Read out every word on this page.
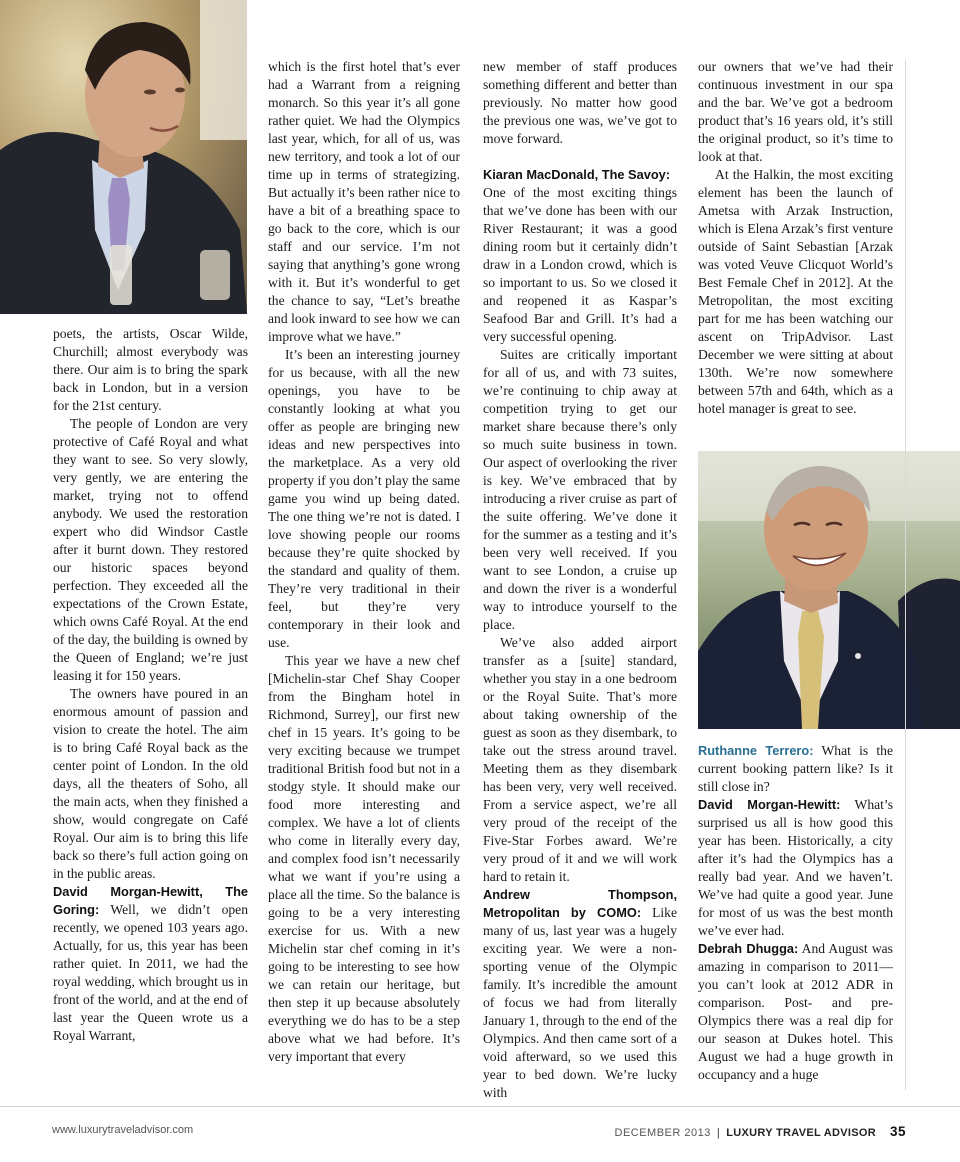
poets, the artists, Oscar Wilde, Churchill; almost everybody was there. Our aim is to bring the spark back in London, but in a version for the 21st century.

The people of London are very protective of Café Royal and what they want to see. So very slowly, very gently, we are entering the market, trying not to offend anybody. We used the restoration expert who did Windsor Castle after it burnt down. They restored our historic spaces beyond perfection. They exceeded all the expectations of the Crown Estate, which owns Café Royal. At the end of the day, the building is owned by the Queen of England; we’re just leasing it for 150 years.

The owners have poured in an enormous amount of passion and vision to create the hotel. The aim is to bring Café Royal back as the center point of London. In the old days, all the theaters of Soho, all the main acts, when they finished a show, would congregate on Café Royal. Our aim is to bring this life back so there’s full action going on in the public areas.

David Morgan-Hewitt, The Goring: Well, we didn’t open recently, we opened 103 years ago. Actually, for us, this year has been rather quiet. In 2011, we had the royal wedding, which brought us in front of the world, and at the end of last year the Queen wrote us a Royal Warrant,

which is the first hotel that’s ever had a Warrant from a reigning monarch. So this year it’s all gone rather quiet. We had the Olympics last year, which, for all of us, was new territory, and took a lot of our time up in terms of strategizing. But actually it’s been rather nice to have a bit of a breathing space to go back to the core, which is our staff and our service. I’m not saying that anything’s gone wrong with it. But it’s wonderful to get the chance to say, “Let’s breathe and look inward to see how we can improve what we have.”

It’s been an interesting journey for us because, with all the new openings, you have to be constantly looking at what you offer as people are bringing new ideas and new perspectives into the marketplace. As a very old property if you don’t play the same game you wind up being dated. The one thing we’re not is dated. I love showing people our rooms because they’re quite shocked by the standard and quality of them. They’re very traditional in their feel, but they’re very contemporary in their look and use.

This year we have a new chef [Michelin-star Chef Shay Cooper from the Bingham hotel in Richmond, Surrey], our first new chef in 15 years. It’s going to be very exciting because we trumpet traditional British food but not in a stodgy style. It should make our food more interesting and complex. We have a lot of clients who come in literally every day, and complex food isn’t necessarily what we want if you’re using a place all the time. So the balance is going to be a very interesting exercise for us. With a new Michelin star chef coming in it’s going to be interesting to see how we can retain our heritage, but then step it up because absolutely everything we do has to be a step above what we had before. It’s very important that every

new member of staff produces something different and better than previously. No matter how good the previous one was, we’ve got to move forward.

Kiaran MacDonald, The Savoy:

One of the most exciting things that we’ve done has been with our River Restaurant; it was a good dining room but it certainly didn’t draw in a London crowd, which is so important to us. So we closed it and reopened it as Kaspar’s Seafood Bar and Grill. It’s had a very successful opening.

Suites are critically important for all of us, and with 73 suites, we’re continuing to chip away at competition trying to get our market share because there’s only so much suite business in town. Our aspect of overlooking the river is key. We’ve embraced that by introducing a river cruise as part of the suite offering. We’ve done it for the summer as a testing and it’s been very well received. If you want to see London, a cruise up and down the river is a wonderful way to introduce yourself to the place.

We’ve also added airport transfer as a [suite] standard, whether you stay in a one bedroom or the Royal Suite. That’s more about taking ownership of the guest as soon as they disembark, to take out the stress around travel. Meeting them as they disembark has been very, very well received. From a service aspect, we’re all very proud of the receipt of the Five-Star Forbes award. We’re very proud of it and we will work hard to retain it.

Andrew Thompson, Metropolitan by COMO: Like many of us, last year was a hugely exciting year. We were a non-sporting venue of the Olympic family. It’s incredible the amount of focus we had from literally January 1, through to the end of the Olympics. And then came sort of a void afterward, so we used this year to bed down. We’re lucky with

our owners that we’ve had their continuous investment in our spa and the bar. We’ve got a bedroom product that’s 16 years old, it’s still the original product, so it’s time to look at that.

At the Halkin, the most exciting element has been the launch of Ametsa with Arzak Instruction, which is Elena Arzak’s first venture outside of Saint Sebastian [Arzak was voted Veuve Clicquot World’s Best Female Chef in 2012]. At the Metropolitan, the most exciting part for me has been watching our ascent on TripAdvisor. Last December we were sitting at about 130th. We’re now somewhere between 57th and 64th, which as a hotel manager is great to see.

Ruthanne Terrero: What is the current booking pattern like? Is it still close in?

David Morgan-Hewitt: What’s surprised us all is how good this year has been. Historically, a city after it’s had the Olympics has a really bad year. And we haven’t. We’ve had quite a good year. June for most of us was the best month we’ve ever had.

Debrah Dhugga: And August was amazing in comparison to 2011—you can’t look at 2012 ADR in comparison. Post- and pre-Olympics there was a real dip for our season at Dukes hotel. This August we had a huge growth in occupancy and a huge

www.luxurytraveladvisor.com	DECEMBER 2013 | LUXURY TRAVEL ADVISOR 35
